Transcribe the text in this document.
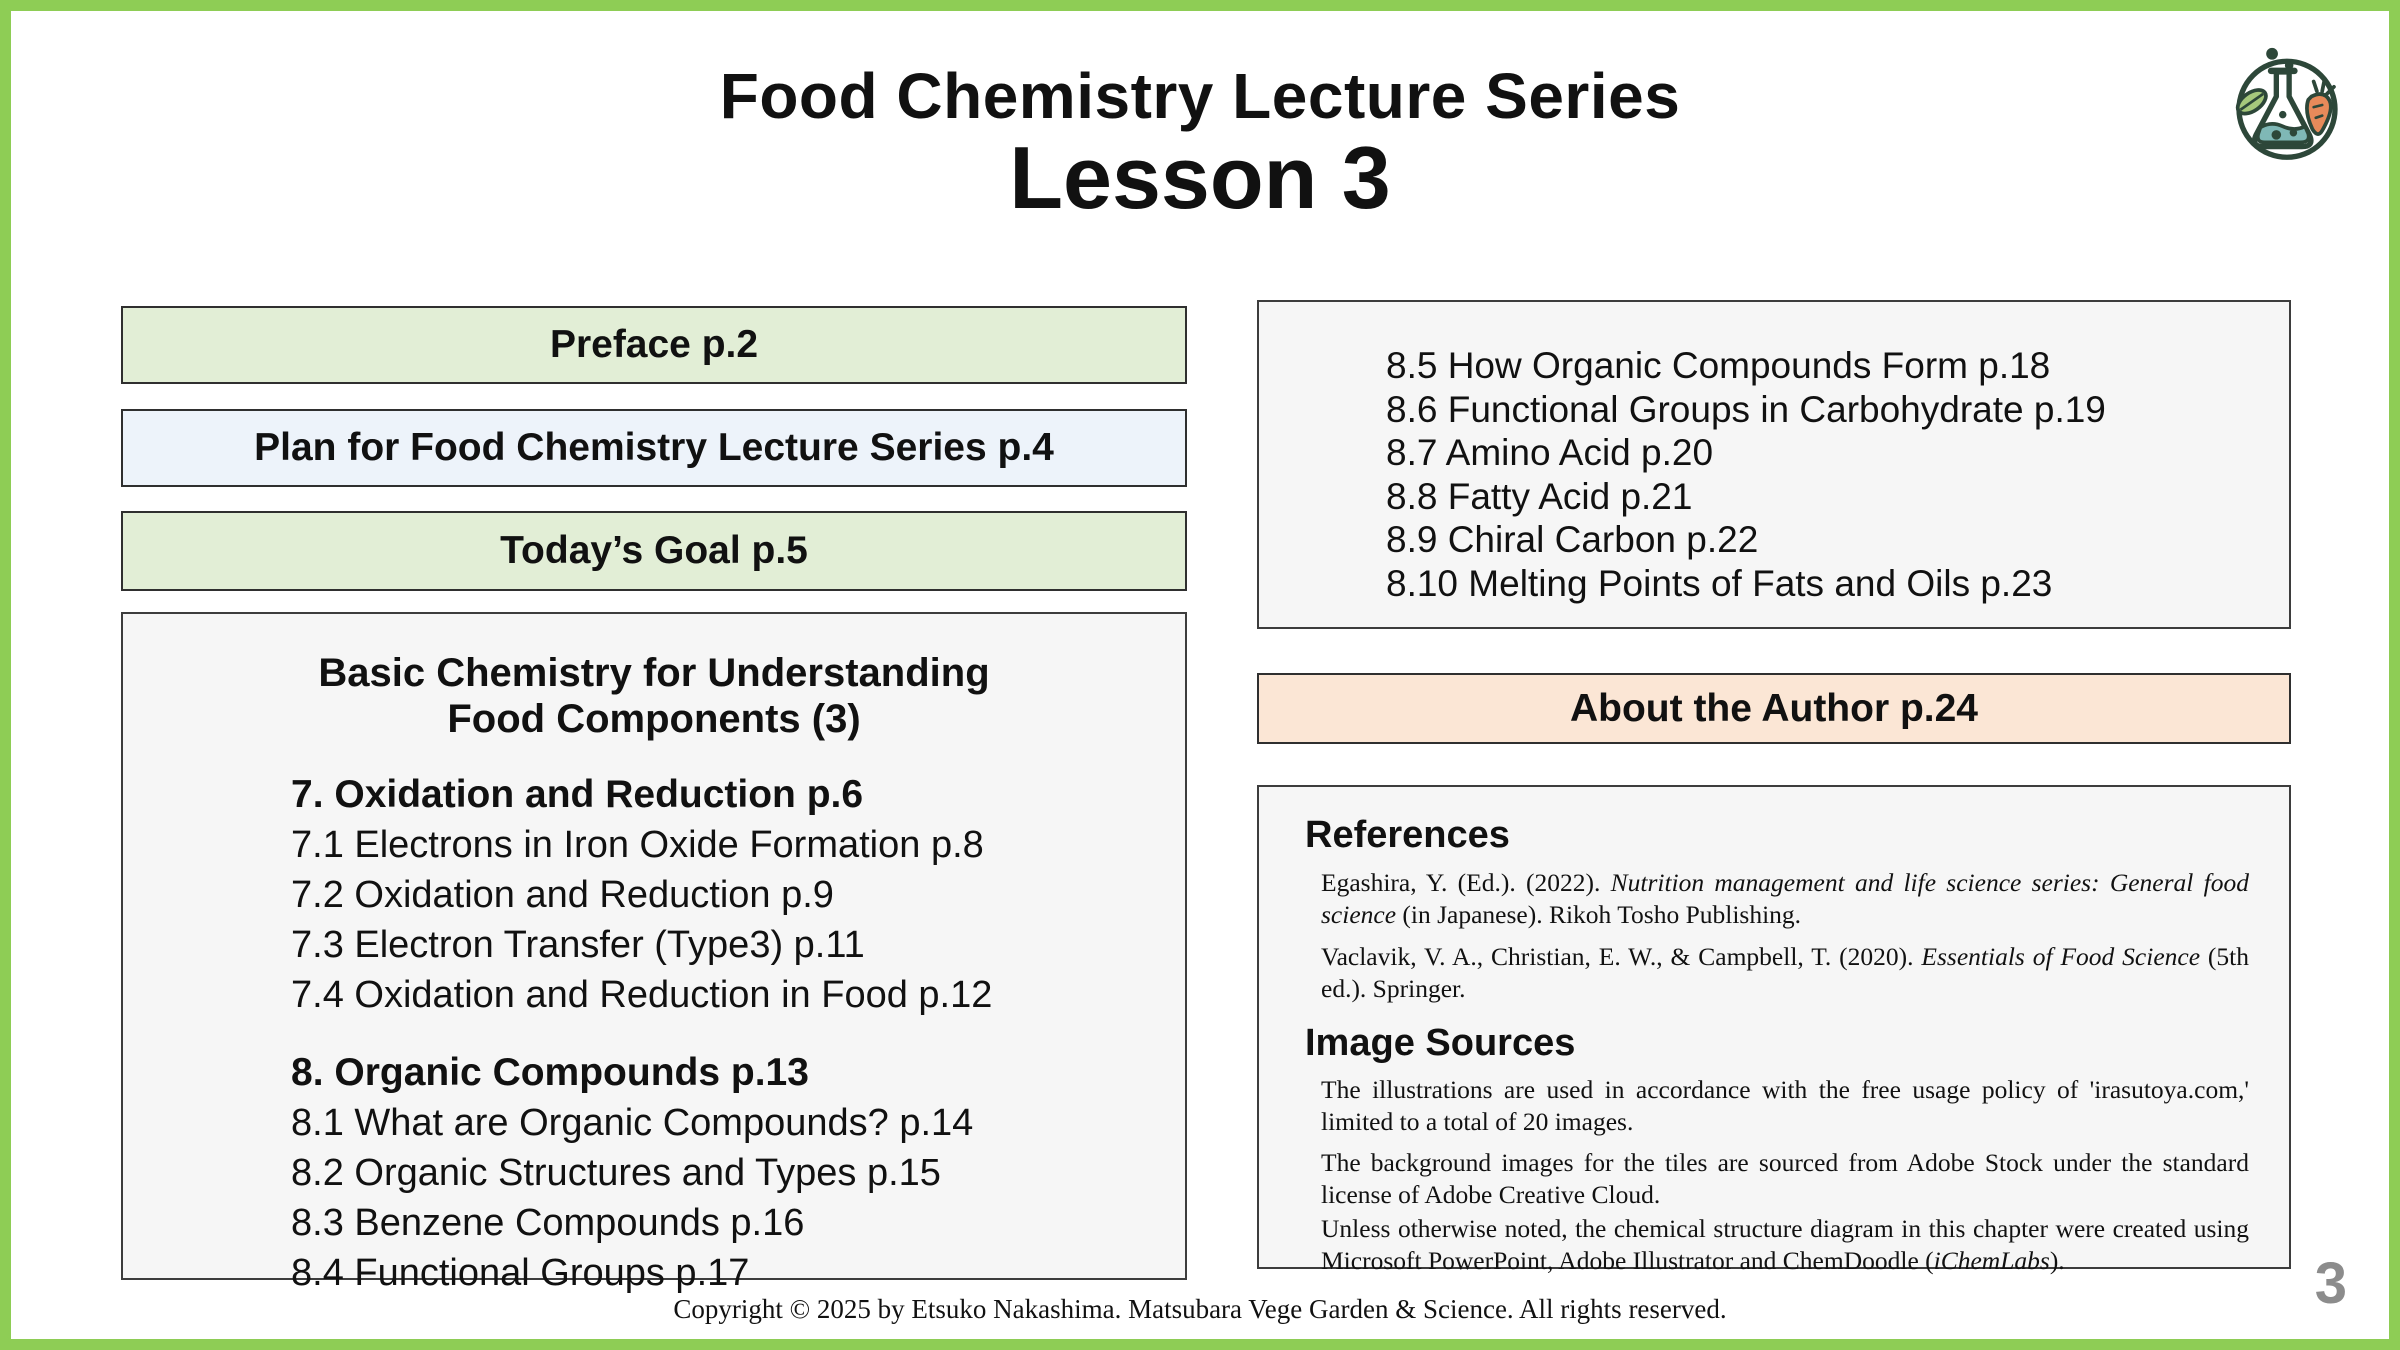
Food Chemistry Lecture Series
Lesson 3
Preface p.2
Plan for Food Chemistry Lecture Series p.4
Today’s Goal p.5
Basic Chemistry for Understanding
Food Components (3)
7. Oxidation and Reduction p.6
7.1 Electrons in Iron Oxide Formation p.8
7.2 Oxidation and Reduction p.9
7.3 Electron Transfer (Type3) p.11
7.4 Oxidation and Reduction in Food p.12
8. Organic Compounds p.13
8.1 What are Organic Compounds? p.14
8.2 Organic Structures and Types p.15
8.3 Benzene Compounds p.16
8.4 Functional Groups p.17
8.5 How Organic Compounds Form p.18
8.6 Functional Groups in Carbohydrate p.19
8.7 Amino Acid p.20
8.8 Fatty Acid p.21
8.9 Chiral Carbon p.22
8.10 Melting Points of Fats and Oils p.23
About the Author p.24
References
Egashira, Y. (Ed.). (2022). Nutrition management and life science series: General food science (in Japanese). Rikoh Tosho Publishing.
Vaclavik, V. A., Christian, E. W., & Campbell, T. (2020). Essentials of Food Science (5th ed.). Springer.
Image Sources
The illustrations are used in accordance with the free usage policy of 'irasutoya.com,' limited to a total of 20 images.
The background images for the tiles are sourced from Adobe Stock under the standard license of Adobe Creative Cloud.
Unless otherwise noted, the chemical structure diagram in this chapter were created using Microsoft PowerPoint, Adobe Illustrator and ChemDoodle (iChemLabs).
Copyright © 2025 by Etsuko Nakashima. Matsubara Vege Garden & Science. All rights reserved.	3
